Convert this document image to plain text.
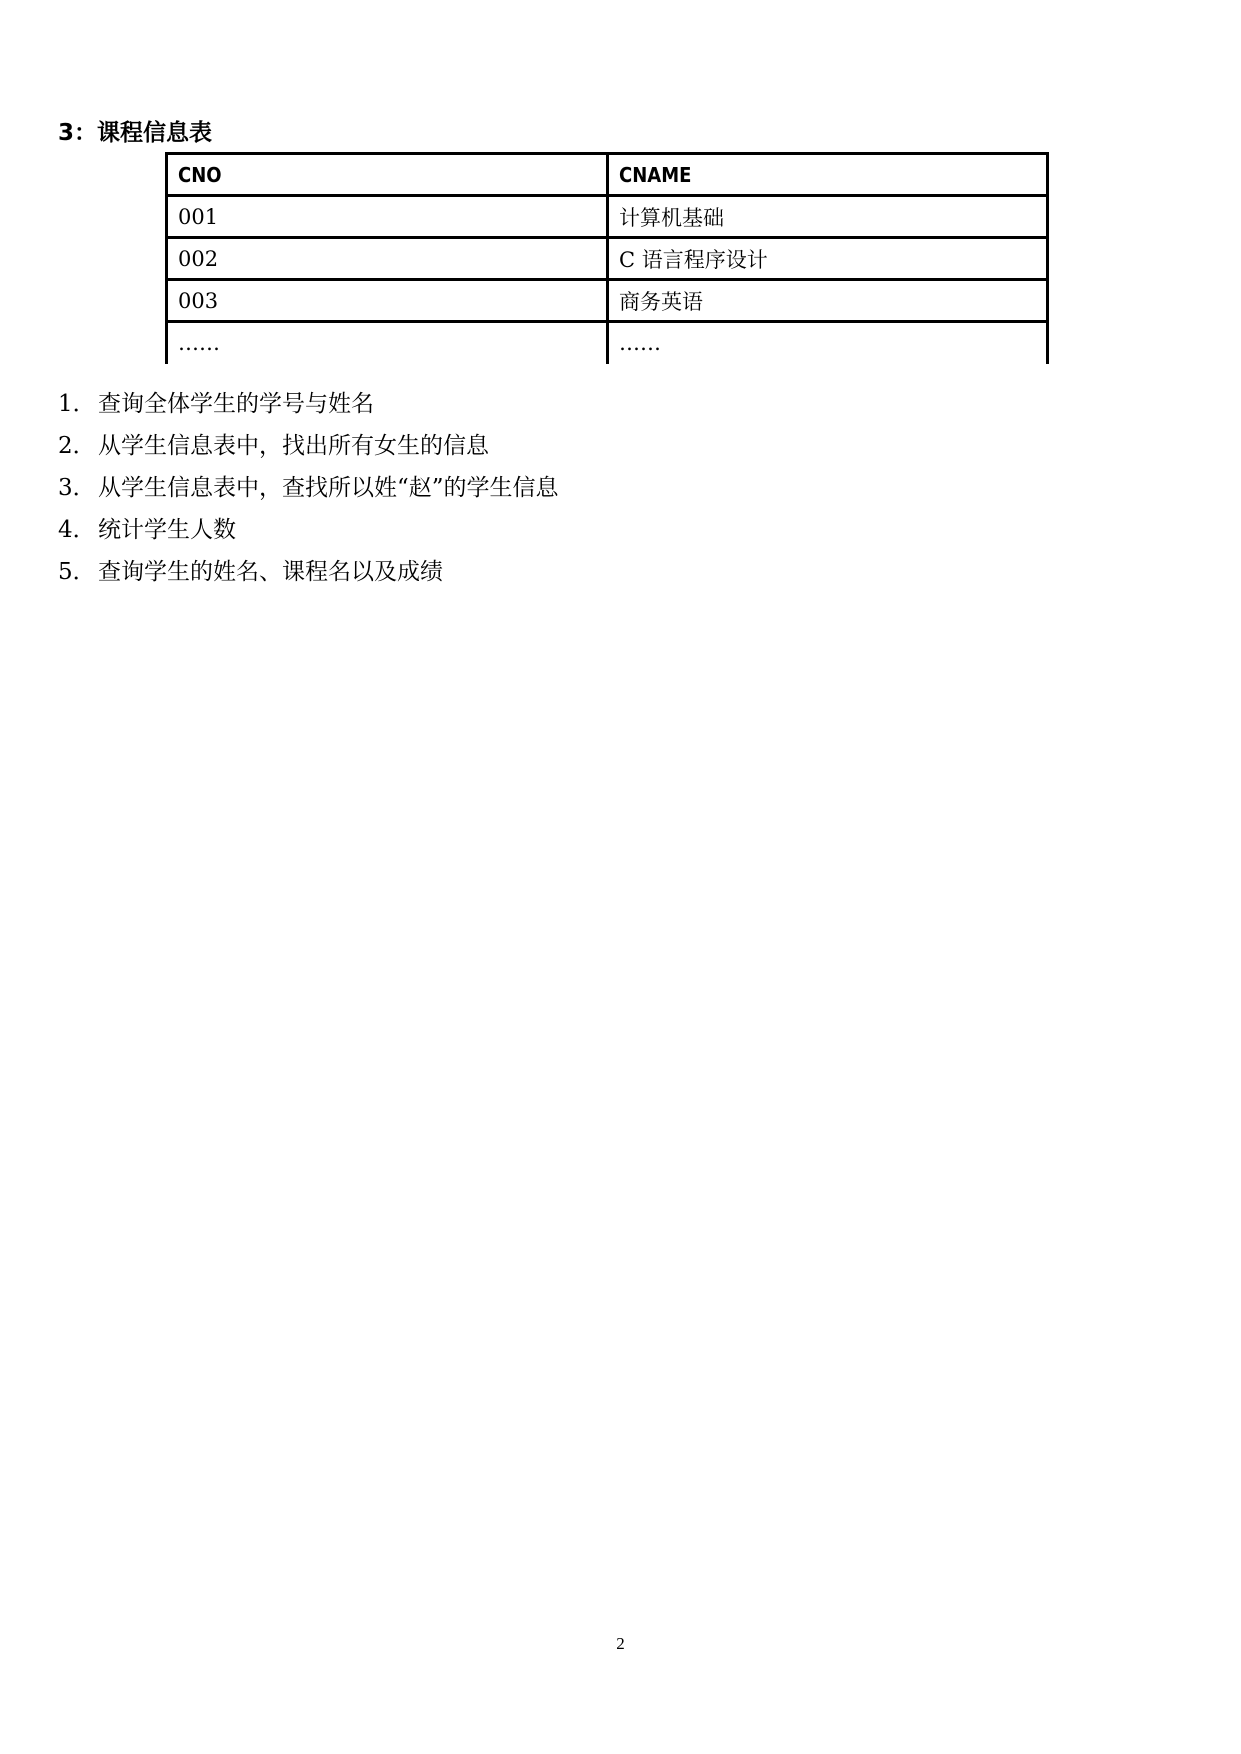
3：课程信息表
CNO	CNAME
001	计算机基础
002	C 语言程序设计
003	商务英语
……	……
1． 查询全体学生的学号与姓名
2． 从学生信息表中，找出所有女生的信息
3． 从学生信息表中，查找所以姓“赵”的学生信息
4． 统计学生人数
5． 查询学生的姓名、课程名以及成绩
2
